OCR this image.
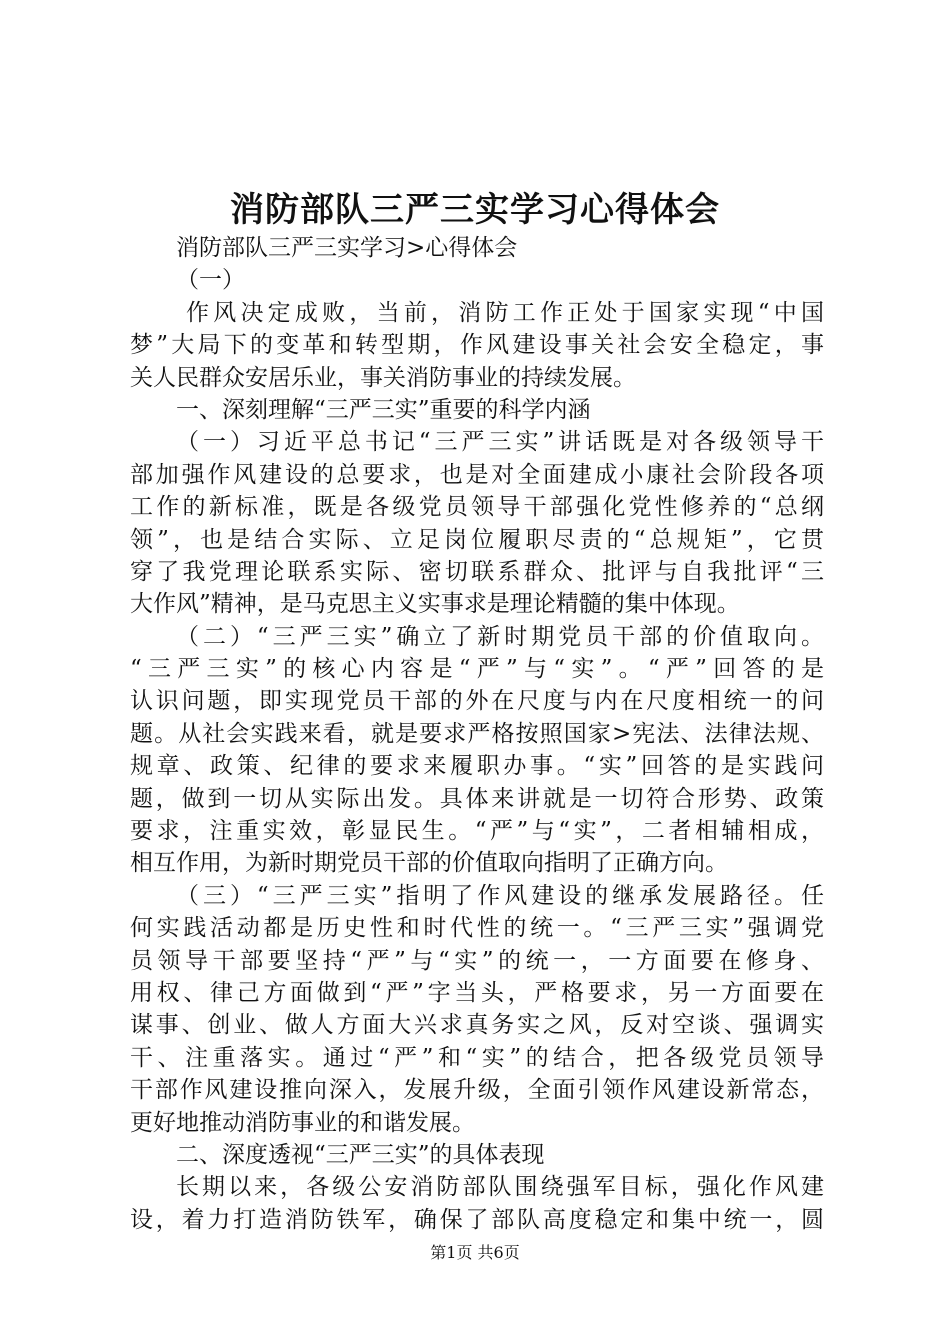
消防部队三严三实学习心得体会
消防部队三严三实学习>心得体会
（一）
作风决定成败，当前，消防工作正处于国家实现“中国
梦”大局下的变革和转型期，作风建设事关社会安全稳定，事
关人民群众安居乐业，事关消防事业的持续发展。
一、深刻理解“三严三实”重要的科学内涵
（一）习近平总书记“三严三实”讲话既是对各级领导干
部加强作风建设的总要求，也是对全面建成小康社会阶段各项
工作的新标准，既是各级党员领导干部强化党性修养的“总纲
领”，也是结合实际、立足岗位履职尽责的“总规矩”，它贯
穿了我党理论联系实际、密切联系群众、批评与自我批评“三
大作风”精神，是马克思主义实事求是理论精髓的集中体现。
（二）“三严三实”确立了新时期党员干部的价值取向。
“三严三实”的核心内容是“严”与“实”。“严”回答的是
认识问题，即实现党员干部的外在尺度与内在尺度相统一的问
题。从社会实践来看，就是要求严格按照国家>宪法、法律法规、
规章、政策、纪律的要求来履职办事。“实”回答的是实践问
题，做到一切从实际出发。具体来讲就是一切符合形势、政策
要求，注重实效，彰显民生。“严”与“实”，二者相辅相成，
相互作用，为新时期党员干部的价值取向指明了正确方向。
（三）“三严三实”指明了作风建设的继承发展路径。任
何实践活动都是历史性和时代性的统一。“三严三实”强调党
员领导干部要坚持“严”与“实”的统一，一方面要在修身、
用权、律己方面做到“严”字当头，严格要求，另一方面要在
谋事、创业、做人方面大兴求真务实之风，反对空谈、强调实
干、注重落实。通过“严”和“实”的结合，把各级党员领导
干部作风建设推向深入，发展升级，全面引领作风建设新常态，
更好地推动消防事业的和谐发展。
二、深度透视“三严三实”的具体表现
长期以来，各级公安消防部队围绕强军目标，强化作风建
设，着力打造消防铁军，确保了部队高度稳定和集中统一，圆
第1页 共6页
